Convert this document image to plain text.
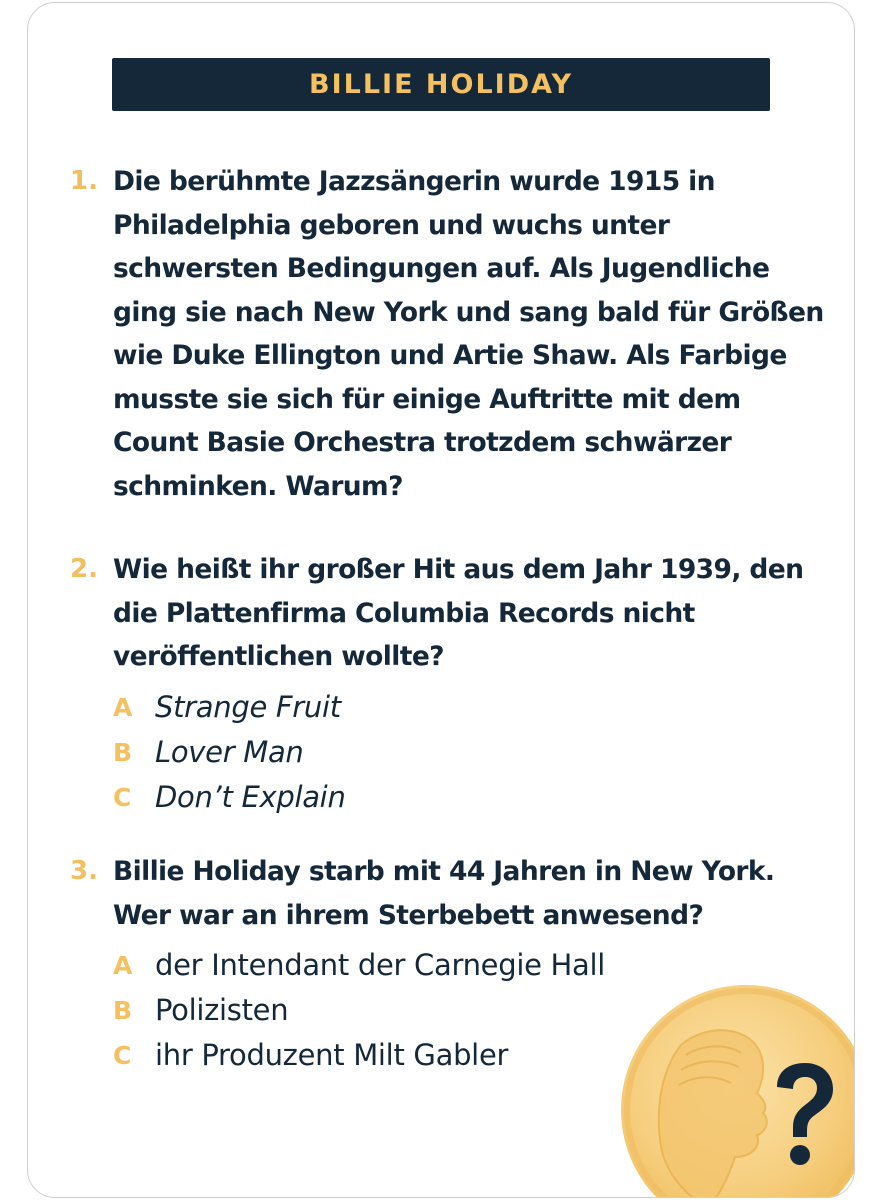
BILLIE HOLIDAY
1. Die berühmte Jazzsängerin wurde 1915 in Philadelphia geboren und wuchs unter schwersten Bedingungen auf. Als Jugendliche ging sie nach New York und sang bald für Größen wie Duke Ellington und Artie Shaw. Als Farbige musste sie sich für einige Auftritte mit dem Count Basie Orchestra trotzdem schwärzer schminken. Warum?
2. Wie heißt ihr großer Hit aus dem Jahr 1939, den die Plattenfirma Columbia Records nicht veröffentlichen wollte?
A Strange Fruit
B Lover Man
C Don’t Explain
3. Billie Holiday starb mit 44 Jahren in New York. Wer war an ihrem Sterbebett anwesend?
A der Intendant der Carnegie Hall
B Polizisten
C ihr Produzent Milt Gabler
